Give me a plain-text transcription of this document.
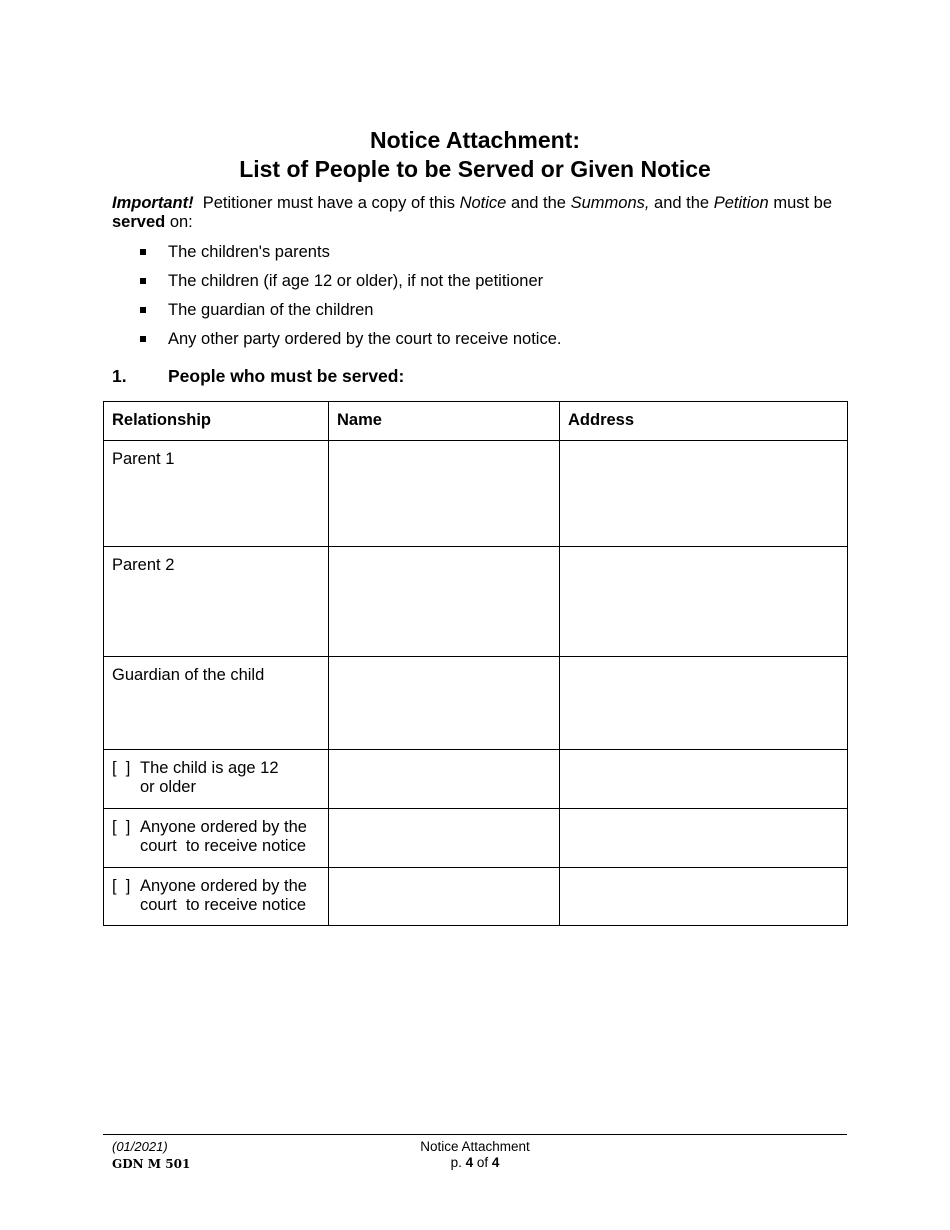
Notice Attachment:
List of People to be Served or Given Notice
Important! Petitioner must have a copy of this Notice and the Summons, and the Petition must be served on:
The children's parents
The children (if age 12 or older), if not the petitioner
The guardian of the children
Any other party ordered by the court to receive notice.
1. People who must be served:
Relationship	Name	Address
Parent 1		
Parent 2		
Guardian of the child		

[  ] The child is age 12 or older		

[  ] Anyone ordered by the court  to receive notice		

[  ] Anyone ordered by the court  to receive notice		

(01/2021)
GDN M 501
Notice Attachment
p. 4 of 4
